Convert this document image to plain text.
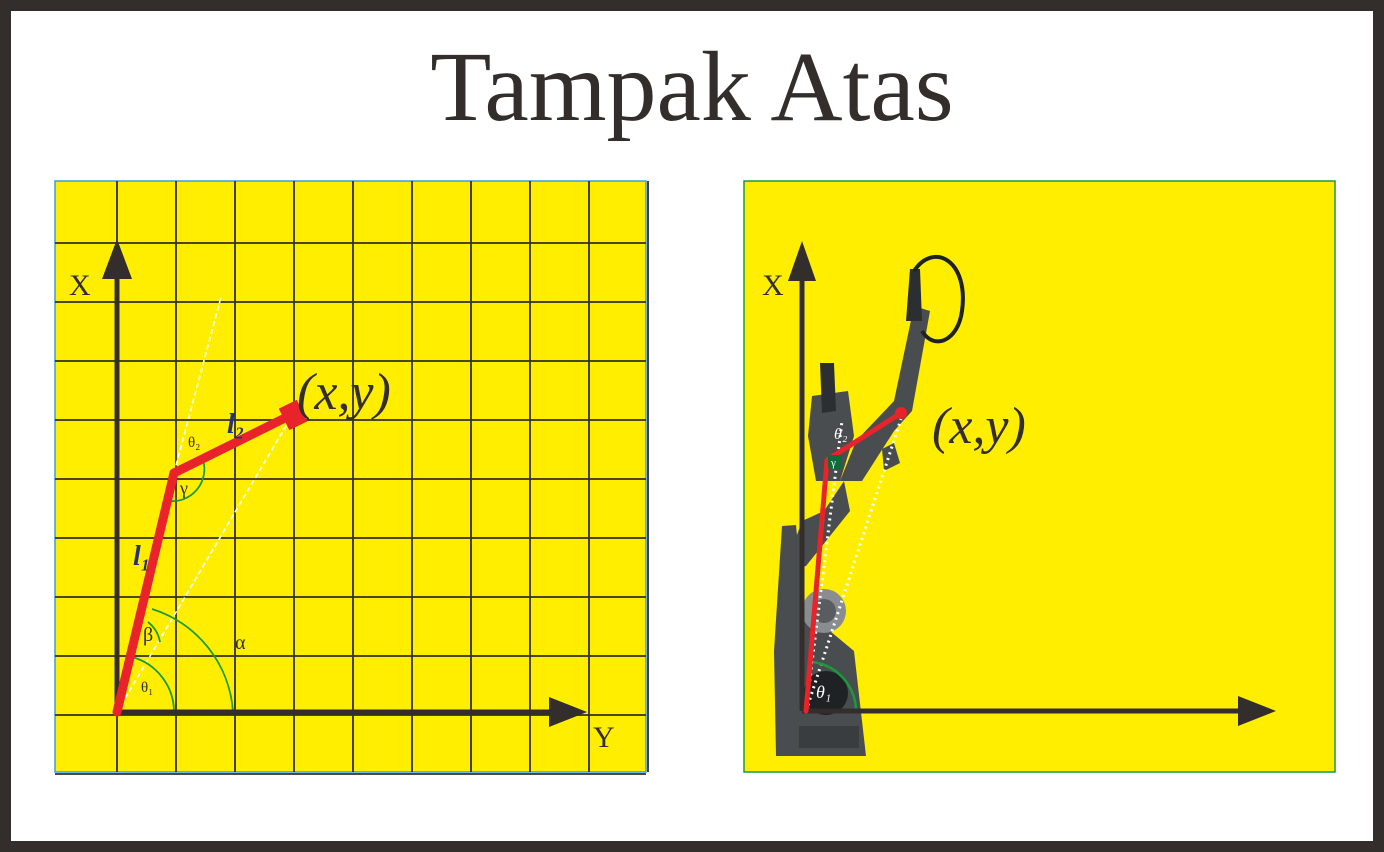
Tampak Atas
X
Y
(x,y)
l₁
l₂
θ₁
θ₂
β	α
γ
X
(x,y)
θ₁
θ₂
γ
